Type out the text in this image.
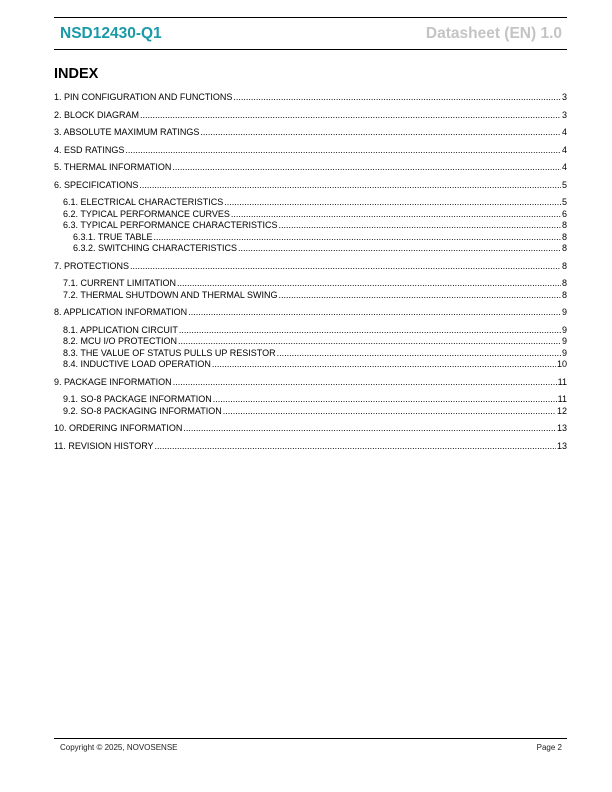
NSD12430-Q1	Datasheet (EN) 1.0
INDEX
1. PIN CONFIGURATION AND FUNCTIONS .....	3
2. BLOCK DIAGRAM .....	3
3. ABSOLUTE MAXIMUM RATINGS .....	4
4. ESD RATINGS .....	4
5. THERMAL INFORMATION .....	4
6. SPECIFICATIONS .....	5
6.1. ELECTRICAL CHARACTERISTICS .....	5
6.2. TYPICAL PERFORMANCE CURVES .....	6
6.3. TYPICAL PERFORMANCE CHARACTERISTICS .....	8
6.3.1. TRUE TABLE .....	8
6.3.2. SWITCHING CHARACTERISTICS .....	8
7. PROTECTIONS .....	8
7.1. CURRENT LIMITATION .....	8
7.2. THERMAL SHUTDOWN AND THERMAL SWING .....	8
8. APPLICATION INFORMATION .....	9
8.1. APPLICATION CIRCUIT .....	9
8.2. MCU I/O PROTECTION .....	9
8.3. THE VALUE OF STATUS PULLS UP RESISTOR .....	9
8.4. INDUCTIVE LOAD OPERATION .....	10
9. PACKAGE INFORMATION .....	11
9.1. SO-8 PACKAGE INFORMATION .....	11
9.2. SO-8 PACKAGING INFORMATION .....	12
10. ORDERING INFORMATION .....	13
11. REVISION HISTORY .....	13
Copyright © 2025, NOVOSENSE	Page 2
